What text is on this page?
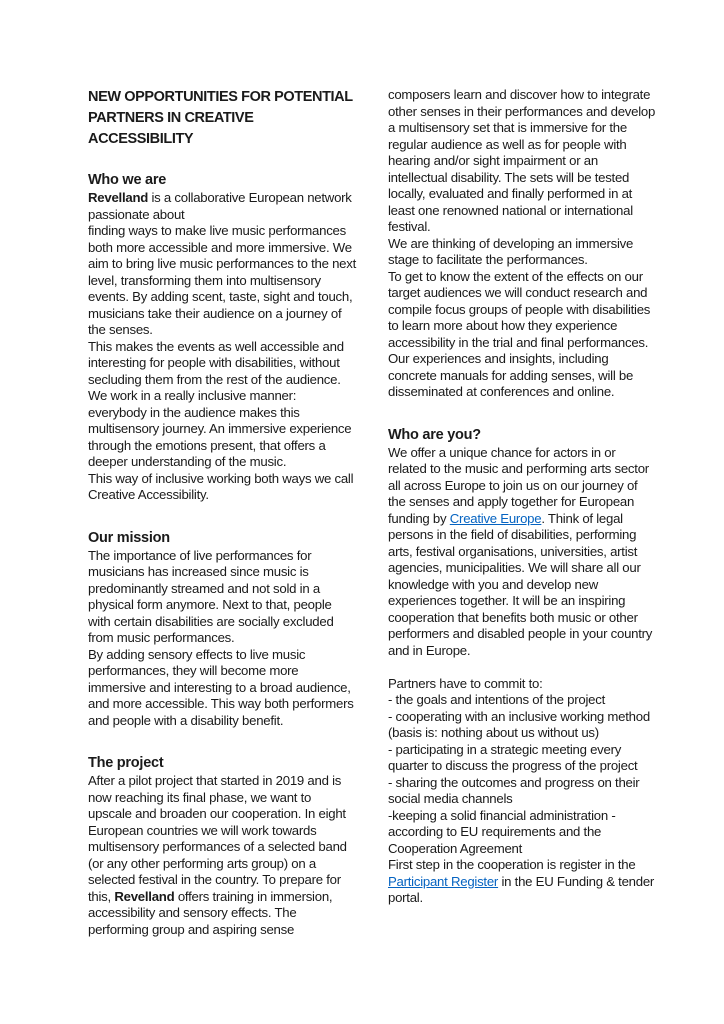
NEW OPPORTUNITIES FOR POTENTIAL PARTNERS IN CREATIVE ACCESSIBILITY
Who we are

Revelland is a collaborative European network passionate about

finding ways to make live music performances both more accessible and more immersive. We aim to bring live music performances to the next level, transforming them into multisensory events. By adding scent, taste, sight and touch, musicians take their audience on a journey of the senses.

This makes the events as well accessible and interesting for people with disabilities, without secluding them from the rest of the audience. We work in a really inclusive manner: everybody in the audience makes this multisensory journey. An immersive experience through the emotions present, that offers a deeper understanding of the music.

This way of inclusive working both ways we call Creative Accessibility.

Our mission

The importance of live performances for musicians has increased since music is predominantly streamed and not sold in a physical form anymore. Next to that, people with certain disabilities are socially excluded from music performances.

By adding sensory effects to live music performances, they will become more immersive and interesting to a broad audience, and more accessible. This way both performers and people with a disability benefit.

The project

After a pilot project that started in 2019 and is now reaching its final phase, we want to upscale and broaden our cooperation. In eight European countries we will work towards multisensory performances of a selected band (or any other performing arts group) on a selected festival in the country. To prepare for this, Revelland offers training in immersion, accessibility and sensory effects. The performing group and aspiring sense

composers learn and discover how to integrate other senses in their performances and develop a multisensory set that is immersive for the regular audience as well as for people with hearing and/or sight impairment or an intellectual disability. The sets will be tested locally, evaluated and finally performed in at least one renowned national or international festival.

We are thinking of developing an immersive stage to facilitate the performances.

To get to know the extent of the effects on our target audiences we will conduct research and compile focus groups of people with disabilities to learn more about how they experience accessibility in the trial and final performances. Our experiences and insights, including concrete manuals for adding senses, will be disseminated at conferences and online.

Who are you?

We offer a unique chance for actors in or related to the music and performing arts sector all across Europe to join us on our journey of the senses and apply together for European funding by Creative Europe. Think of legal persons in the field of disabilities, performing arts, festival organisations, universities, artist agencies, municipalities. We will share all our knowledge with you and develop new experiences together. It will be an inspiring cooperation that benefits both music or other performers and disabled people in your country and in Europe.

Partners have to commit to:

- the goals and intentions of the project

- cooperating with an inclusive working method (basis is: nothing about us without us)

- participating in a strategic meeting every quarter to discuss the progress of the project

- sharing the outcomes and progress on their social media channels

-keeping a solid financial administration - according to EU requirements and the Cooperation Agreement

First step in the cooperation is register in the Participant Register in the EU Funding & tender portal.
